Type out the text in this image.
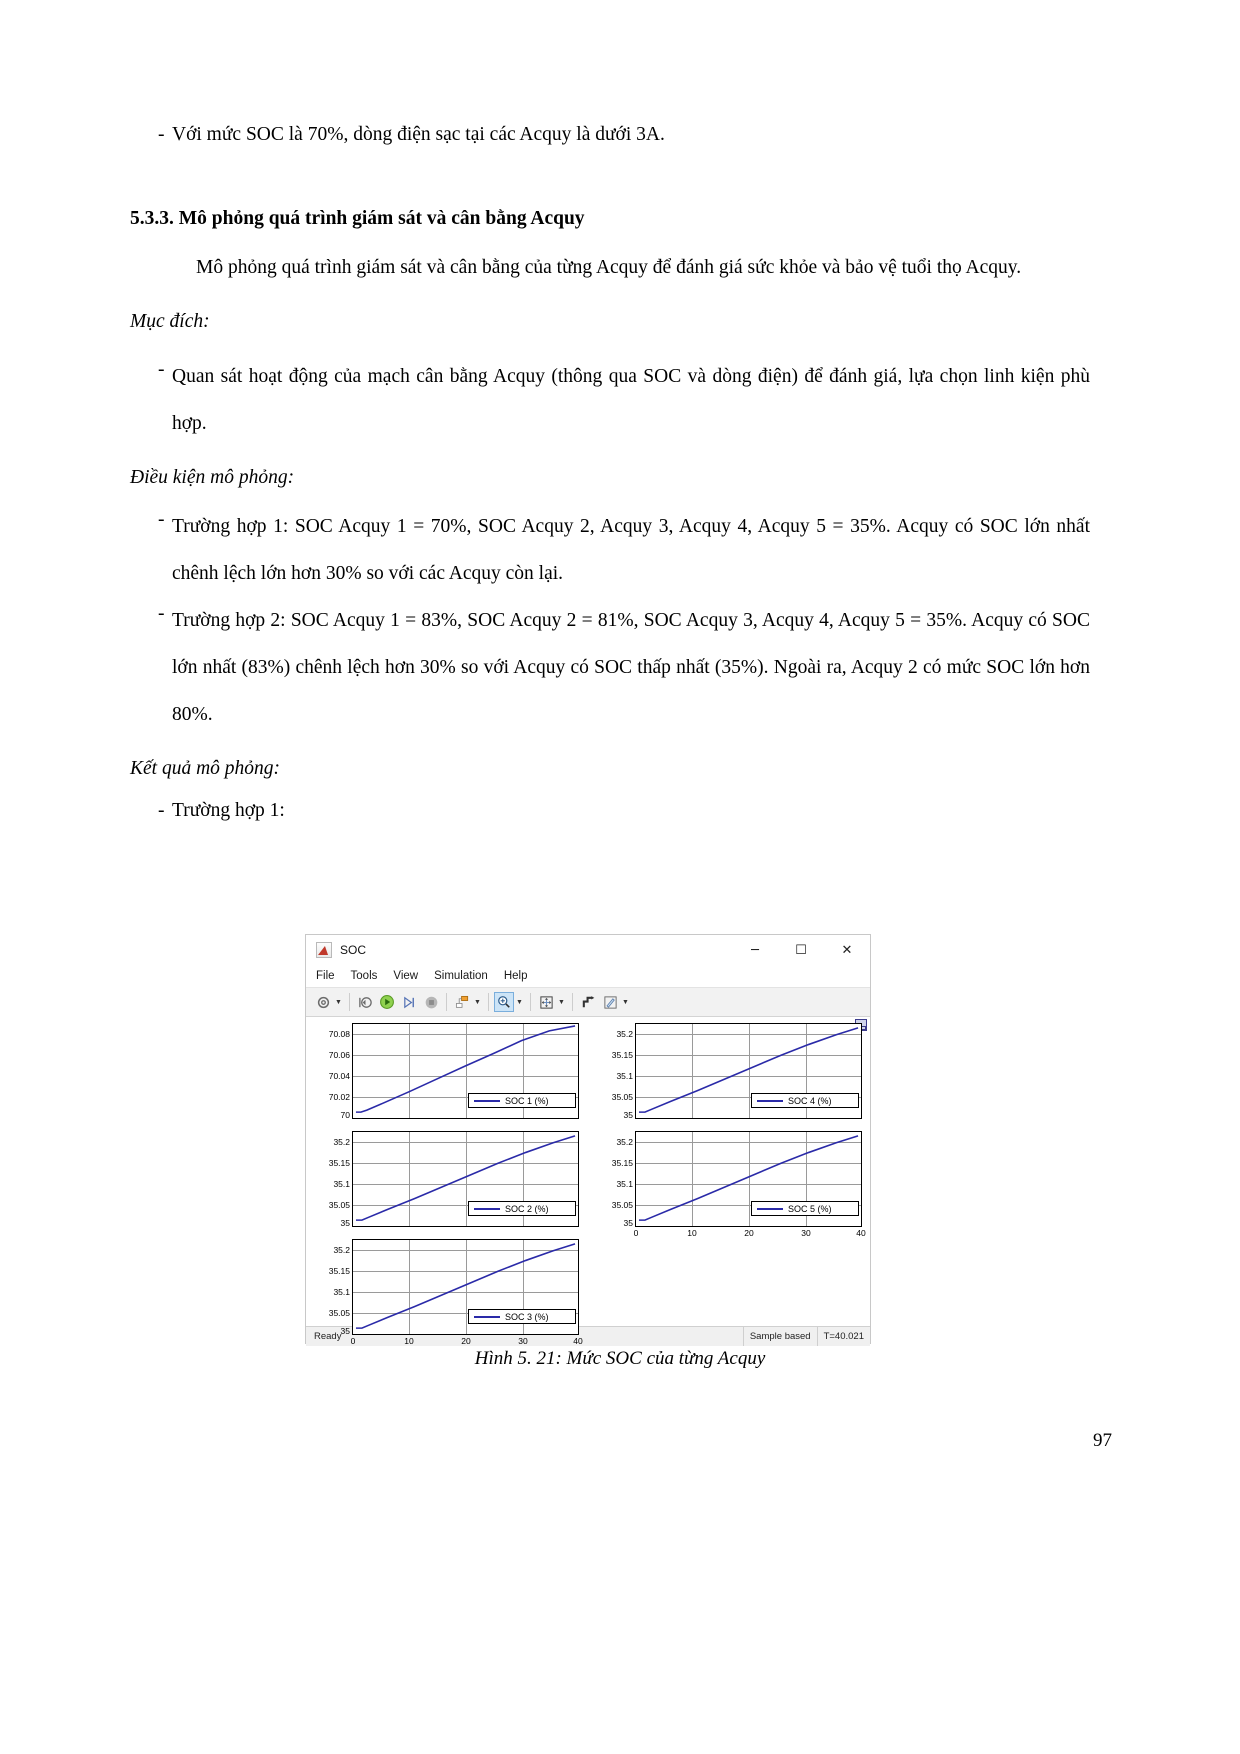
- Với mức SOC là 70%, dòng điện sạc tại các Acquy là dưới 3A.
5.3.3. Mô phỏng quá trình giám sát và cân bằng Acquy
Mô phỏng quá trình giám sát và cân bằng của từng Acquy để đánh giá sức khỏe và bảo vệ tuổi thọ Acquy.
Mục đích:
- Quan sát hoạt động của mạch cân bằng Acquy (thông qua SOC và dòng điện) để đánh giá, lựa chọn linh kiện phù hợp.
Điều kiện mô phỏng:
- Trường hợp 1: SOC Acquy 1 = 70%, SOC Acquy 2, Acquy 3, Acquy 4, Acquy 5 = 35%. Acquy có SOC lớn nhất chênh lệch lớn hơn 30% so với các Acquy còn lại.
- Trường hợp 2: SOC Acquy 1 = 83%, SOC Acquy 2 = 81%, SOC Acquy 3, Acquy 4, Acquy 5 = 35%. Acquy có SOC lớn nhất (83%) chênh lệch hơn 30% so với Acquy có SOC thấp nhất (35%). Ngoài ra, Acquy 2 có mức SOC lớn hơn 80%.
Kết quả mô phỏng:
- Trường hợp 1:
SOC	─	☐	✕
File Tools View Simulation Help
▼	▼	▼	▼	▼
70.08
70.06
70.04
70.02
70
SOC 1 (%)
35.2
35.15
35.1
35.05
35
SOC 4 (%)
35.2
35.15
35.1
35.05
35
SOC 2 (%)
35.2
35.15
35.1
35.05
35
0	10	20	30	40
SOC 5 (%)
35.2
35.15
35.1
35.05
35
0	10	20	30	40
SOC 3 (%)
Ready	Sample based	T=40.021
Hình 5. 21: Mức SOC của từng Acquy
97
